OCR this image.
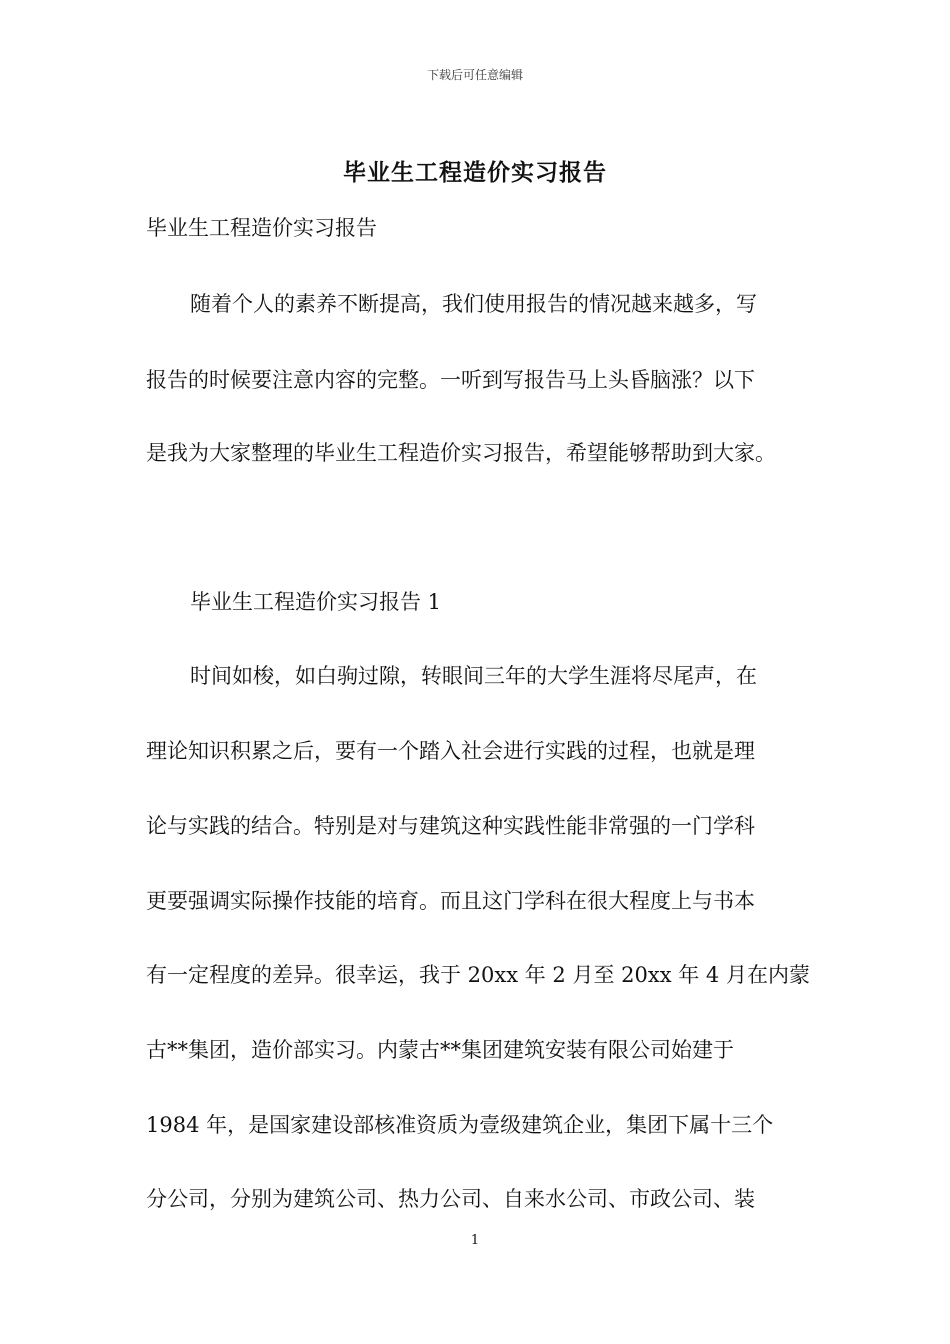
下载后可任意编辑
毕业生工程造价实习报告
毕业生工程造价实习报告
随着个人的素养不断提高，我们使用报告的情况越来越多，写
报告的时候要注意内容的完整。一听到写报告马上头昏脑涨？以下
是我为大家整理的毕业生工程造价实习报告，希望能够帮助到大家。
毕业生工程造价实习报告 1
时间如梭，如白驹过隙，转眼间三年的大学生涯将尽尾声，在
理论知识积累之后，要有一个踏入社会进行实践的过程，也就是理
论与实践的结合。特别是对与建筑这种实践性能非常强的一门学科
更要强调实际操作技能的培育。而且这门学科在很大程度上与书本
有一定程度的差异。很幸运，我于 20xx 年 2 月至 20xx 年 4 月在内蒙
古**集团，造价部实习。内蒙古**集团建筑安装有限公司始建于
1984 年，是国家建设部核准资质为壹级建筑企业，集团下属十三个
分公司，分别为建筑公司、热力公司、自来水公司、市政公司、装
1
